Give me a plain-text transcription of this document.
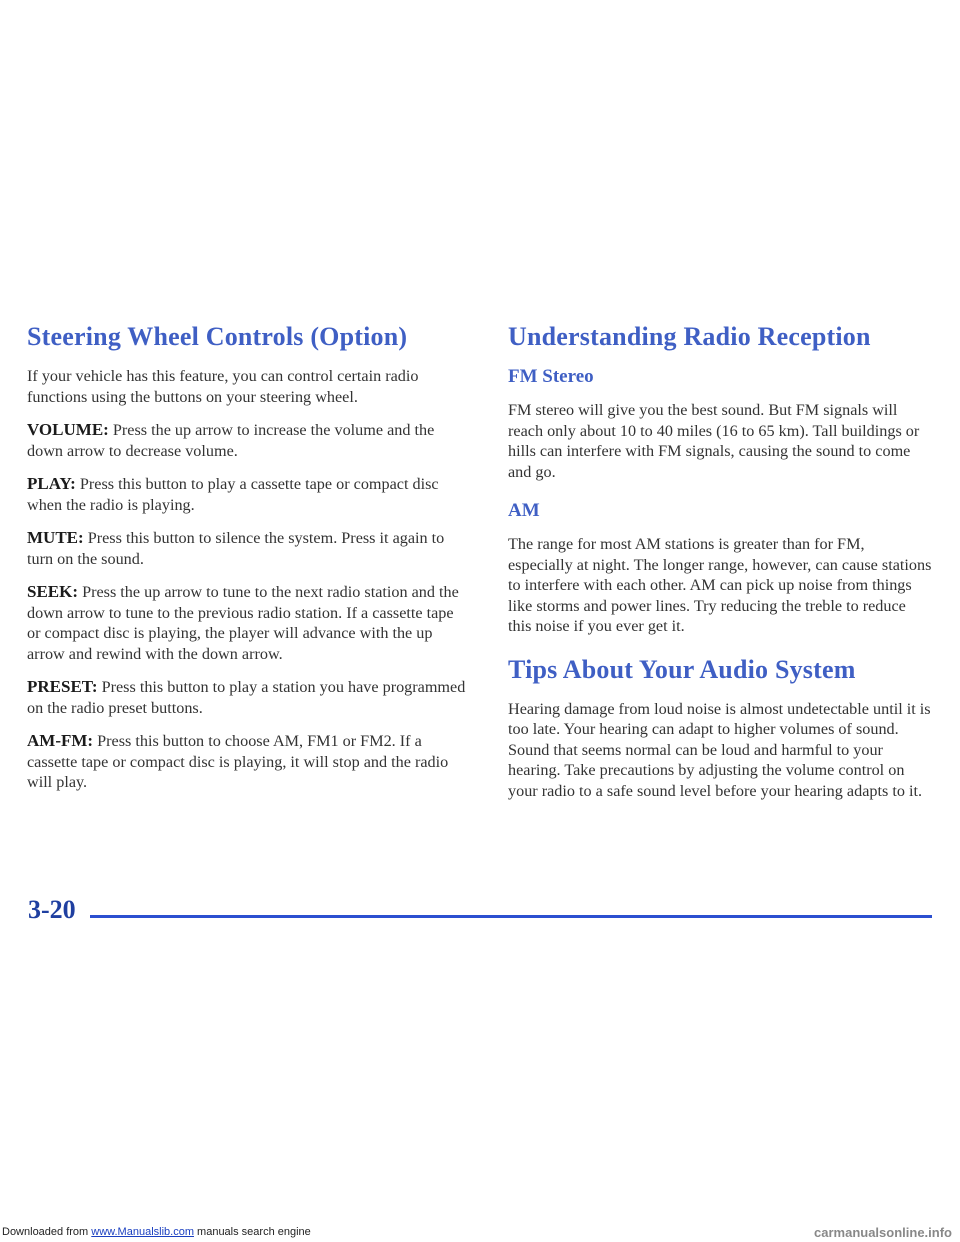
Steering Wheel Controls (Option)

If your vehicle has this feature, you can control certain radio functions using the buttons on your steering wheel.

VOLUME: Press the up arrow to increase the volume and the down arrow to decrease volume.

PLAY: Press this button to play a cassette tape or compact disc when the radio is playing.

MUTE: Press this button to silence the system. Press it again to turn on the sound.

SEEK: Press the up arrow to tune to the next radio station and the down arrow to tune to the previous radio station. If a cassette tape or compact disc is playing, the player will advance with the up arrow and rewind with the down arrow.

PRESET: Press this button to play a station you have programmed on the radio preset buttons.

AM-FM: Press this button to choose AM, FM1 or FM2. If a cassette tape or compact disc is playing, it will stop and the radio will play.

Understanding Radio Reception
FM Stereo

FM stereo will give you the best sound. But FM signals will reach only about 10 to 40 miles (16 to 65 km). Tall buildings or hills can interfere with FM signals, causing the sound to come and go.

AM

The range for most AM stations is greater than for FM, especially at night. The longer range, however, can cause stations to interfere with each other. AM can pick up noise from things like storms and power lines. Try reducing the treble to reduce this noise if you ever get it.

Tips About Your Audio System

Hearing damage from loud noise is almost undetectable until it is too late. Your hearing can adapt to higher volumes of sound. Sound that seems normal can be loud and harmful to your hearing. Take precautions by adjusting the volume control on your radio to a safe sound level before your hearing adapts to it.

3-20
Downloaded from www.Manualslib.com manuals search engine	carmanualsonline.info
